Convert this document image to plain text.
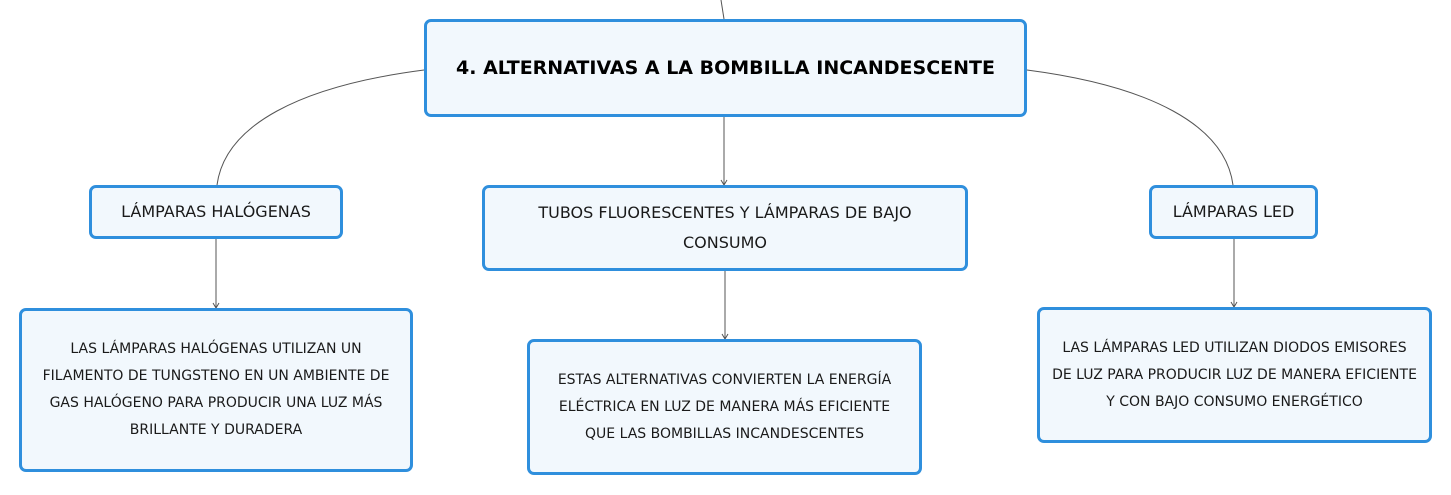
4. ALTERNATIVAS A LA BOMBILLA INCANDESCENTE
LÁMPARAS HALÓGENAS	TUBOS FLUORESCENTES Y LÁMPARAS DE BAJO CONSUMO
LÁMPARAS LED
LAS LÁMPARAS HALÓGENAS UTILIZAN UN FILAMENTO DE TUNGSTENO EN UN AMBIENTE DE GAS HALÓGENO PARA PRODUCIR UNA LUZ MÁS BRILLANTE Y DURADERA
ESTAS ALTERNATIVAS CONVIERTEN LA ENERGÍA ELÉCTRICA EN LUZ DE MANERA MÁS EFICIENTE QUE LAS BOMBILLAS INCANDESCENTES
LAS LÁMPARAS LED UTILIZAN DIODOS EMISORES DE LUZ PARA PRODUCIR LUZ DE MANERA EFICIENTE Y CON BAJO CONSUMO ENERGÉTICO
